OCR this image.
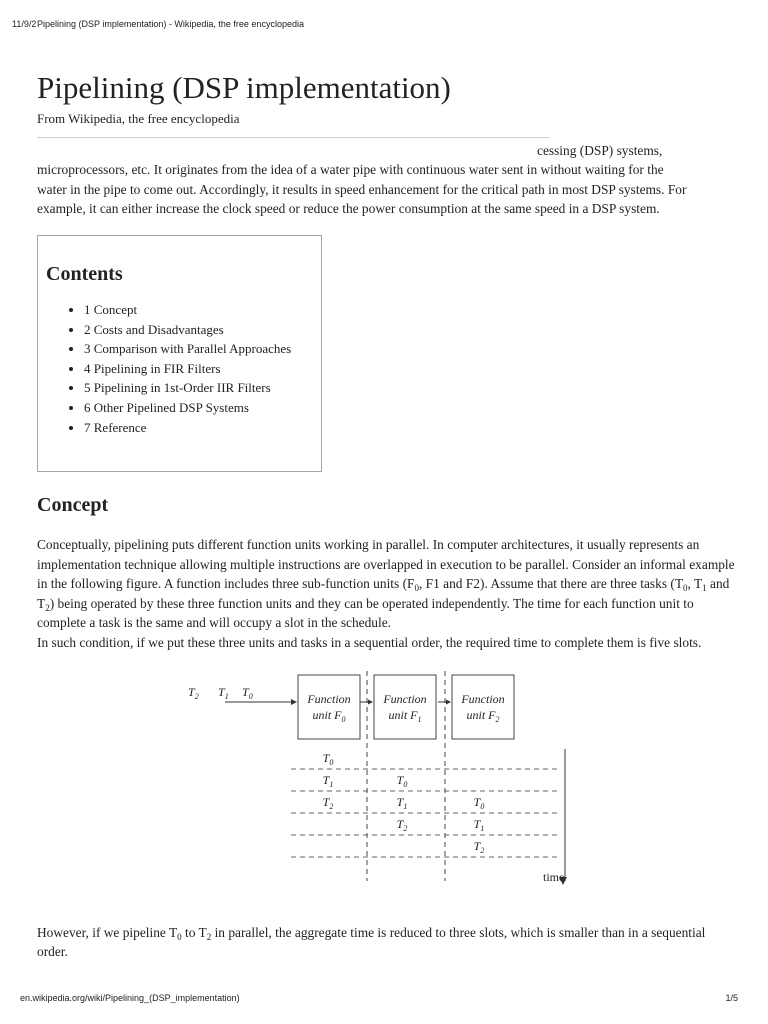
11/9/2 Pipelining (DSP implementation) - Wikipedia, the free encyclopedia
Pipelining (DSP implementation)
From Wikipedia, the free encyclopedia
cessing (DSP) systems,
microprocessors, etc. It originates from the idea of a water pipe with continuous water sent in without waiting for the
water in the pipe to come out. Accordingly, it results in speed enhancement for the critical path in most DSP systems. For
example, it can either increase the clock speed or reduce the power consumption at the same speed in a DSP system.
Contents
• 1 Concept
• 2 Costs and Disadvantages
• 3 Comparison with Parallel Approaches
• 4 Pipelining in FIR Filters
• 5 Pipelining in 1st-Order IIR Filters
• 6 Other Pipelined DSP Systems
• 7 Reference
Concept

Conceptually, pipelining puts different function units working in parallel. In computer architectures, it usually represents an implementation technique allowing multiple instructions are overlapped in execution to be parallel. Consider an informal example in the following figure. A function includes three sub-function units ($F_0$, F1 and F2). Assume that there are three tasks ($T_0$, $T_1$ and $T_2$) being operated by these three function units and they can be operated independently. The time for each function unit to complete a task is the same and will occupy a slot in the schedule.

In such condition, if we put these three units and tasks in a sequential order, the required time to complete them is five slots.

$T_2$ $T_1$ $T_0$	Function
unit $F_0$
Function
unit $F_1$
Function
unit $F_2$
$T_0$
$T_1$	$T_0$
$T_2$	$T_1$	$T_0$
$T_2$	$T_1$
$T_2$
time

However, if we pipeline $T_0$ to $T_2$ in parallel, the aggregate time is reduced to three slots, which is smaller than in a sequential order.

en.wikipedia.org/wiki/Pipelining_(DSP_implementation)	1/5
